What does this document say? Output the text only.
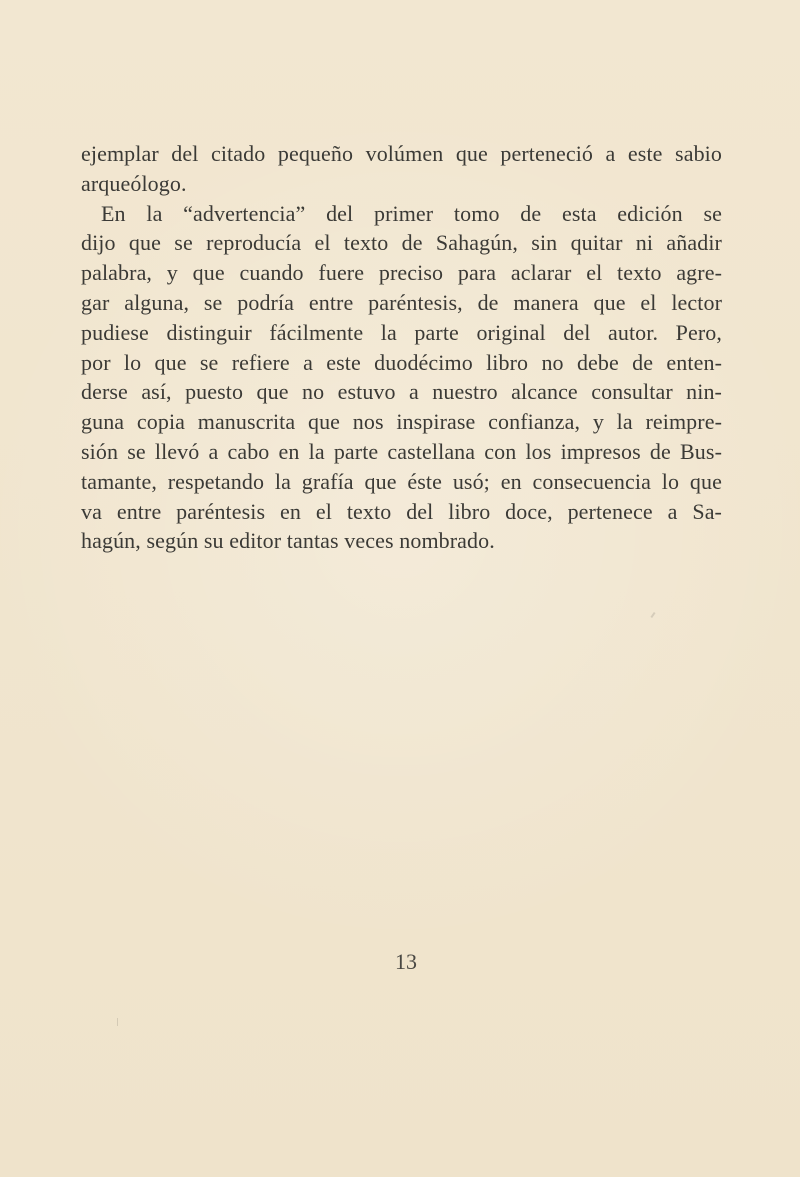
ejemplar del citado pequeño volúmen que perteneció a este sabio
arqueólogo.
En la “advertencia” del primer tomo de esta edición se
dijo que se reproducía el texto de Sahagún, sin quitar ni añadir
palabra, y que cuando fuere preciso para aclarar el texto agre-
gar alguna, se podría entre paréntesis, de manera que el lector
pudiese distinguir fácilmente la parte original del autor. Pero,
por lo que se refiere a este duodécimo libro no debe de enten-
derse así, puesto que no estuvo a nuestro alcance consultar nin-
guna copia manuscrita que nos inspirase confianza, y la reimpre-
sión se llevó a cabo en la parte castellana con los impresos de Bus-
tamante, respetando la grafía que éste usó; en consecuencia lo que
va entre paréntesis en el texto del libro doce, pertenece a Sa-
hagún, según su editor tantas veces nombrado.
13
